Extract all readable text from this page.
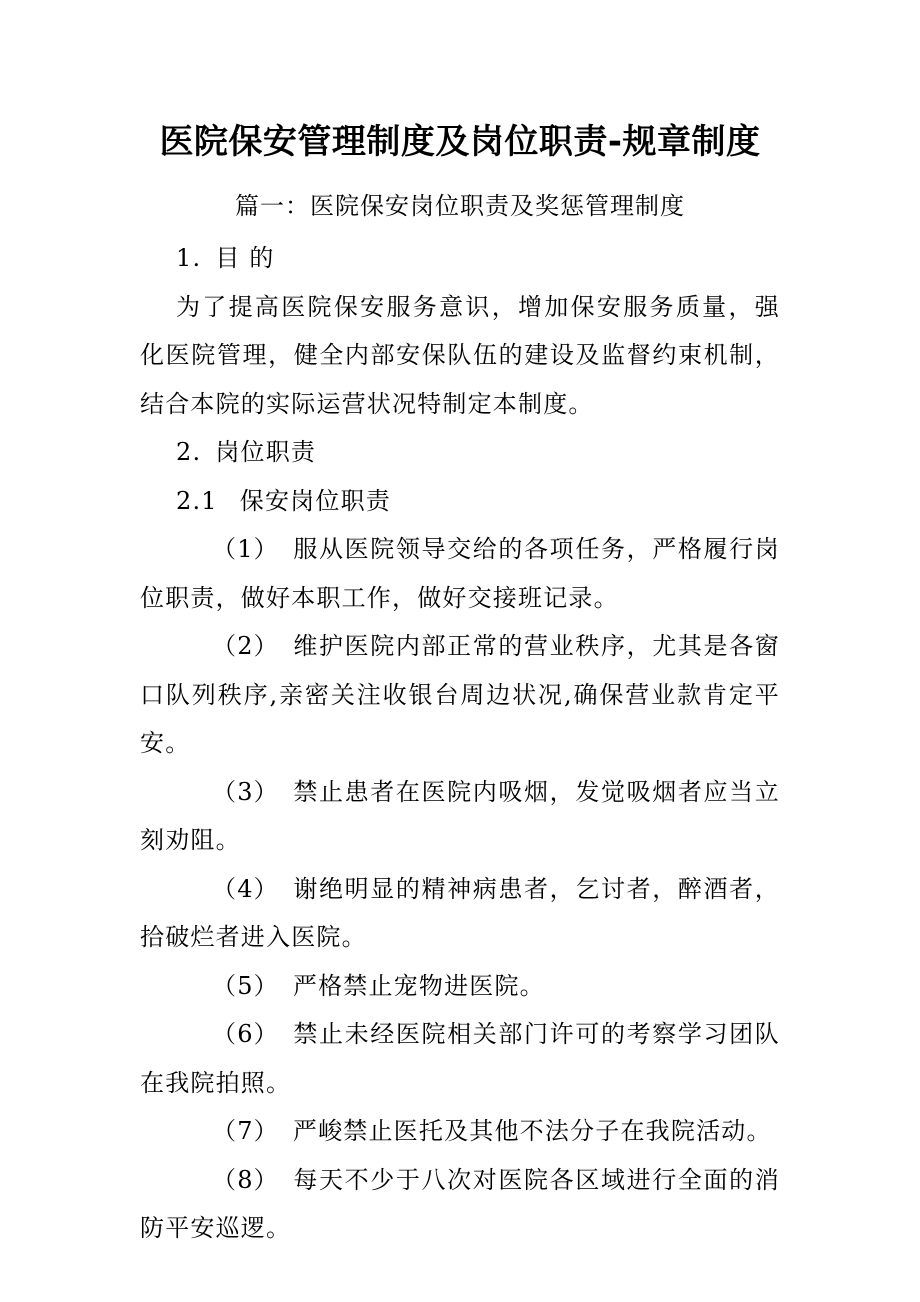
医院保安管理制度及岗位职责-规章制度
篇一：医院保安岗位职责及奖惩管理制度

1. 目 的

为了提高医院保安服务意识，增加保安服务质量，强化医院管理，健全内部安保队伍的建设及监督约束机制，结合本院的实际运营状况特制定本制度。

2. 岗位职责

2.1 保安岗位职责

（1） 服从医院领导交给的各项任务，严格履行岗位职责，做好本职工作，做好交接班记录。

（2） 维护医院内部正常的营业秩序，尤其是各窗口队列秩序,亲密关注收银台周边状况,确保营业款肯定平安。

（3） 禁止患者在医院内吸烟，发觉吸烟者应当立刻劝阻。

（4） 谢绝明显的精神病患者，乞讨者，醉酒者，拾破烂者进入医院。

（5） 严格禁止宠物进医院。

（6） 禁止未经医院相关部门许可的考察学习团队在我院拍照。

（7） 严峻禁止医托及其他不法分子在我院活动。

（8） 每天不少于八次对医院各区域进行全面的消防平安巡逻。
